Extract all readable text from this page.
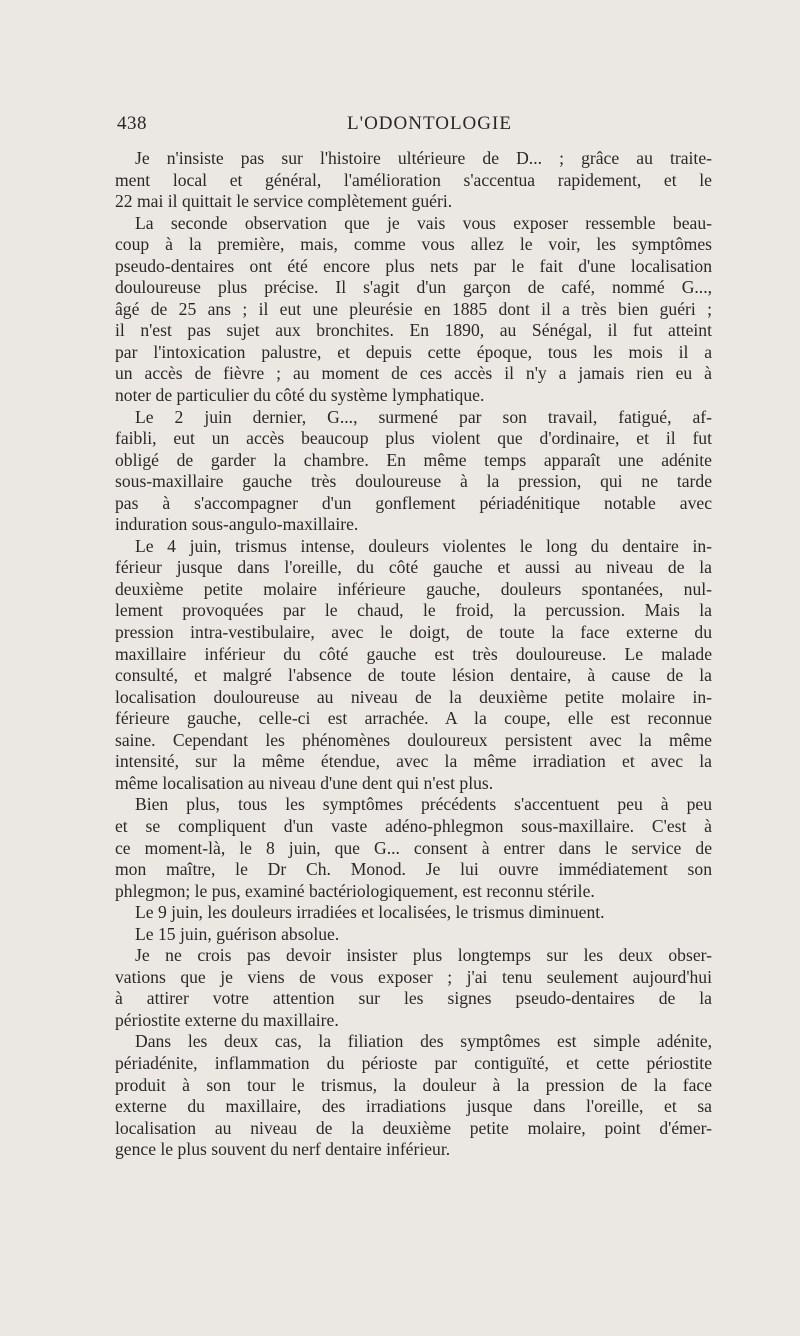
438	L'ODONTOLOGIE
Je n'insiste pas sur l'histoire ultérieure de D... ; grâce au traite-
ment local et général, l'amélioration s'accentua rapidement, et le
22 mai il quittait le service complètement guéri.
La seconde observation que je vais vous exposer ressemble beau-
coup à la première, mais, comme vous allez le voir, les symptômes
pseudo-dentaires ont été encore plus nets par le fait d'une localisation
douloureuse plus précise. Il s'agit d'un garçon de café, nommé G...,
âgé de 25 ans ; il eut une pleurésie en 1885 dont il a très bien guéri ;
il n'est pas sujet aux bronchites. En 1890, au Sénégal, il fut atteint
par l'intoxication palustre, et depuis cette époque, tous les mois il a
un accès de fièvre ; au moment de ces accès il n'y a jamais rien eu à
noter de particulier du côté du système lymphatique.
Le 2 juin dernier, G..., surmené par son travail, fatigué, af-
faibli, eut un accès beaucoup plus violent que d'ordinaire, et il fut
obligé de garder la chambre. En même temps apparaît une adénite
sous-maxillaire gauche très douloureuse à la pression, qui ne tarde
pas à s'accompagner d'un gonflement périadénitique notable avec
induration sous-angulo-maxillaire.
Le 4 juin, trismus intense, douleurs violentes le long du dentaire in-
férieur jusque dans l'oreille, du côté gauche et aussi au niveau de la
deuxième petite molaire inférieure gauche, douleurs spontanées, nul-
lement provoquées par le chaud, le froid, la percussion. Mais la
pression intra-vestibulaire, avec le doigt, de toute la face externe du
maxillaire inférieur du côté gauche est très douloureuse. Le malade
consulté, et malgré l'absence de toute lésion dentaire, à cause de la
localisation douloureuse au niveau de la deuxième petite molaire in-
férieure gauche, celle-ci est arrachée. A la coupe, elle est reconnue
saine. Cependant les phénomènes douloureux persistent avec la même
intensité, sur la même étendue, avec la même irradiation et avec la
même localisation au niveau d'une dent qui n'est plus.
Bien plus, tous les symptômes précédents s'accentuent peu à peu
et se compliquent d'un vaste adéno-phlegmon sous-maxillaire. C'est à
ce moment-là, le 8 juin, que G... consent à entrer dans le service de
mon maître, le Dr Ch. Monod. Je lui ouvre immédiatement son
phlegmon; le pus, examiné bactériologiquement, est reconnu stérile.
Le 9 juin, les douleurs irradiées et localisées, le trismus diminuent.
Le 15 juin, guérison absolue.
Je ne crois pas devoir insister plus longtemps sur les deux obser-
vations que je viens de vous exposer ; j'ai tenu seulement aujourd'hui
à attirer votre attention sur les signes pseudo-dentaires de la
périostite externe du maxillaire.
Dans les deux cas, la filiation des symptômes est simple adénite,
périadénite, inflammation du périoste par contiguïté, et cette périostite
produit à son tour le trismus, la douleur à la pression de la face
externe du maxillaire, des irradiations jusque dans l'oreille, et sa
localisation au niveau de la deuxième petite molaire, point d'émer-
gence le plus souvent du nerf dentaire inférieur.
